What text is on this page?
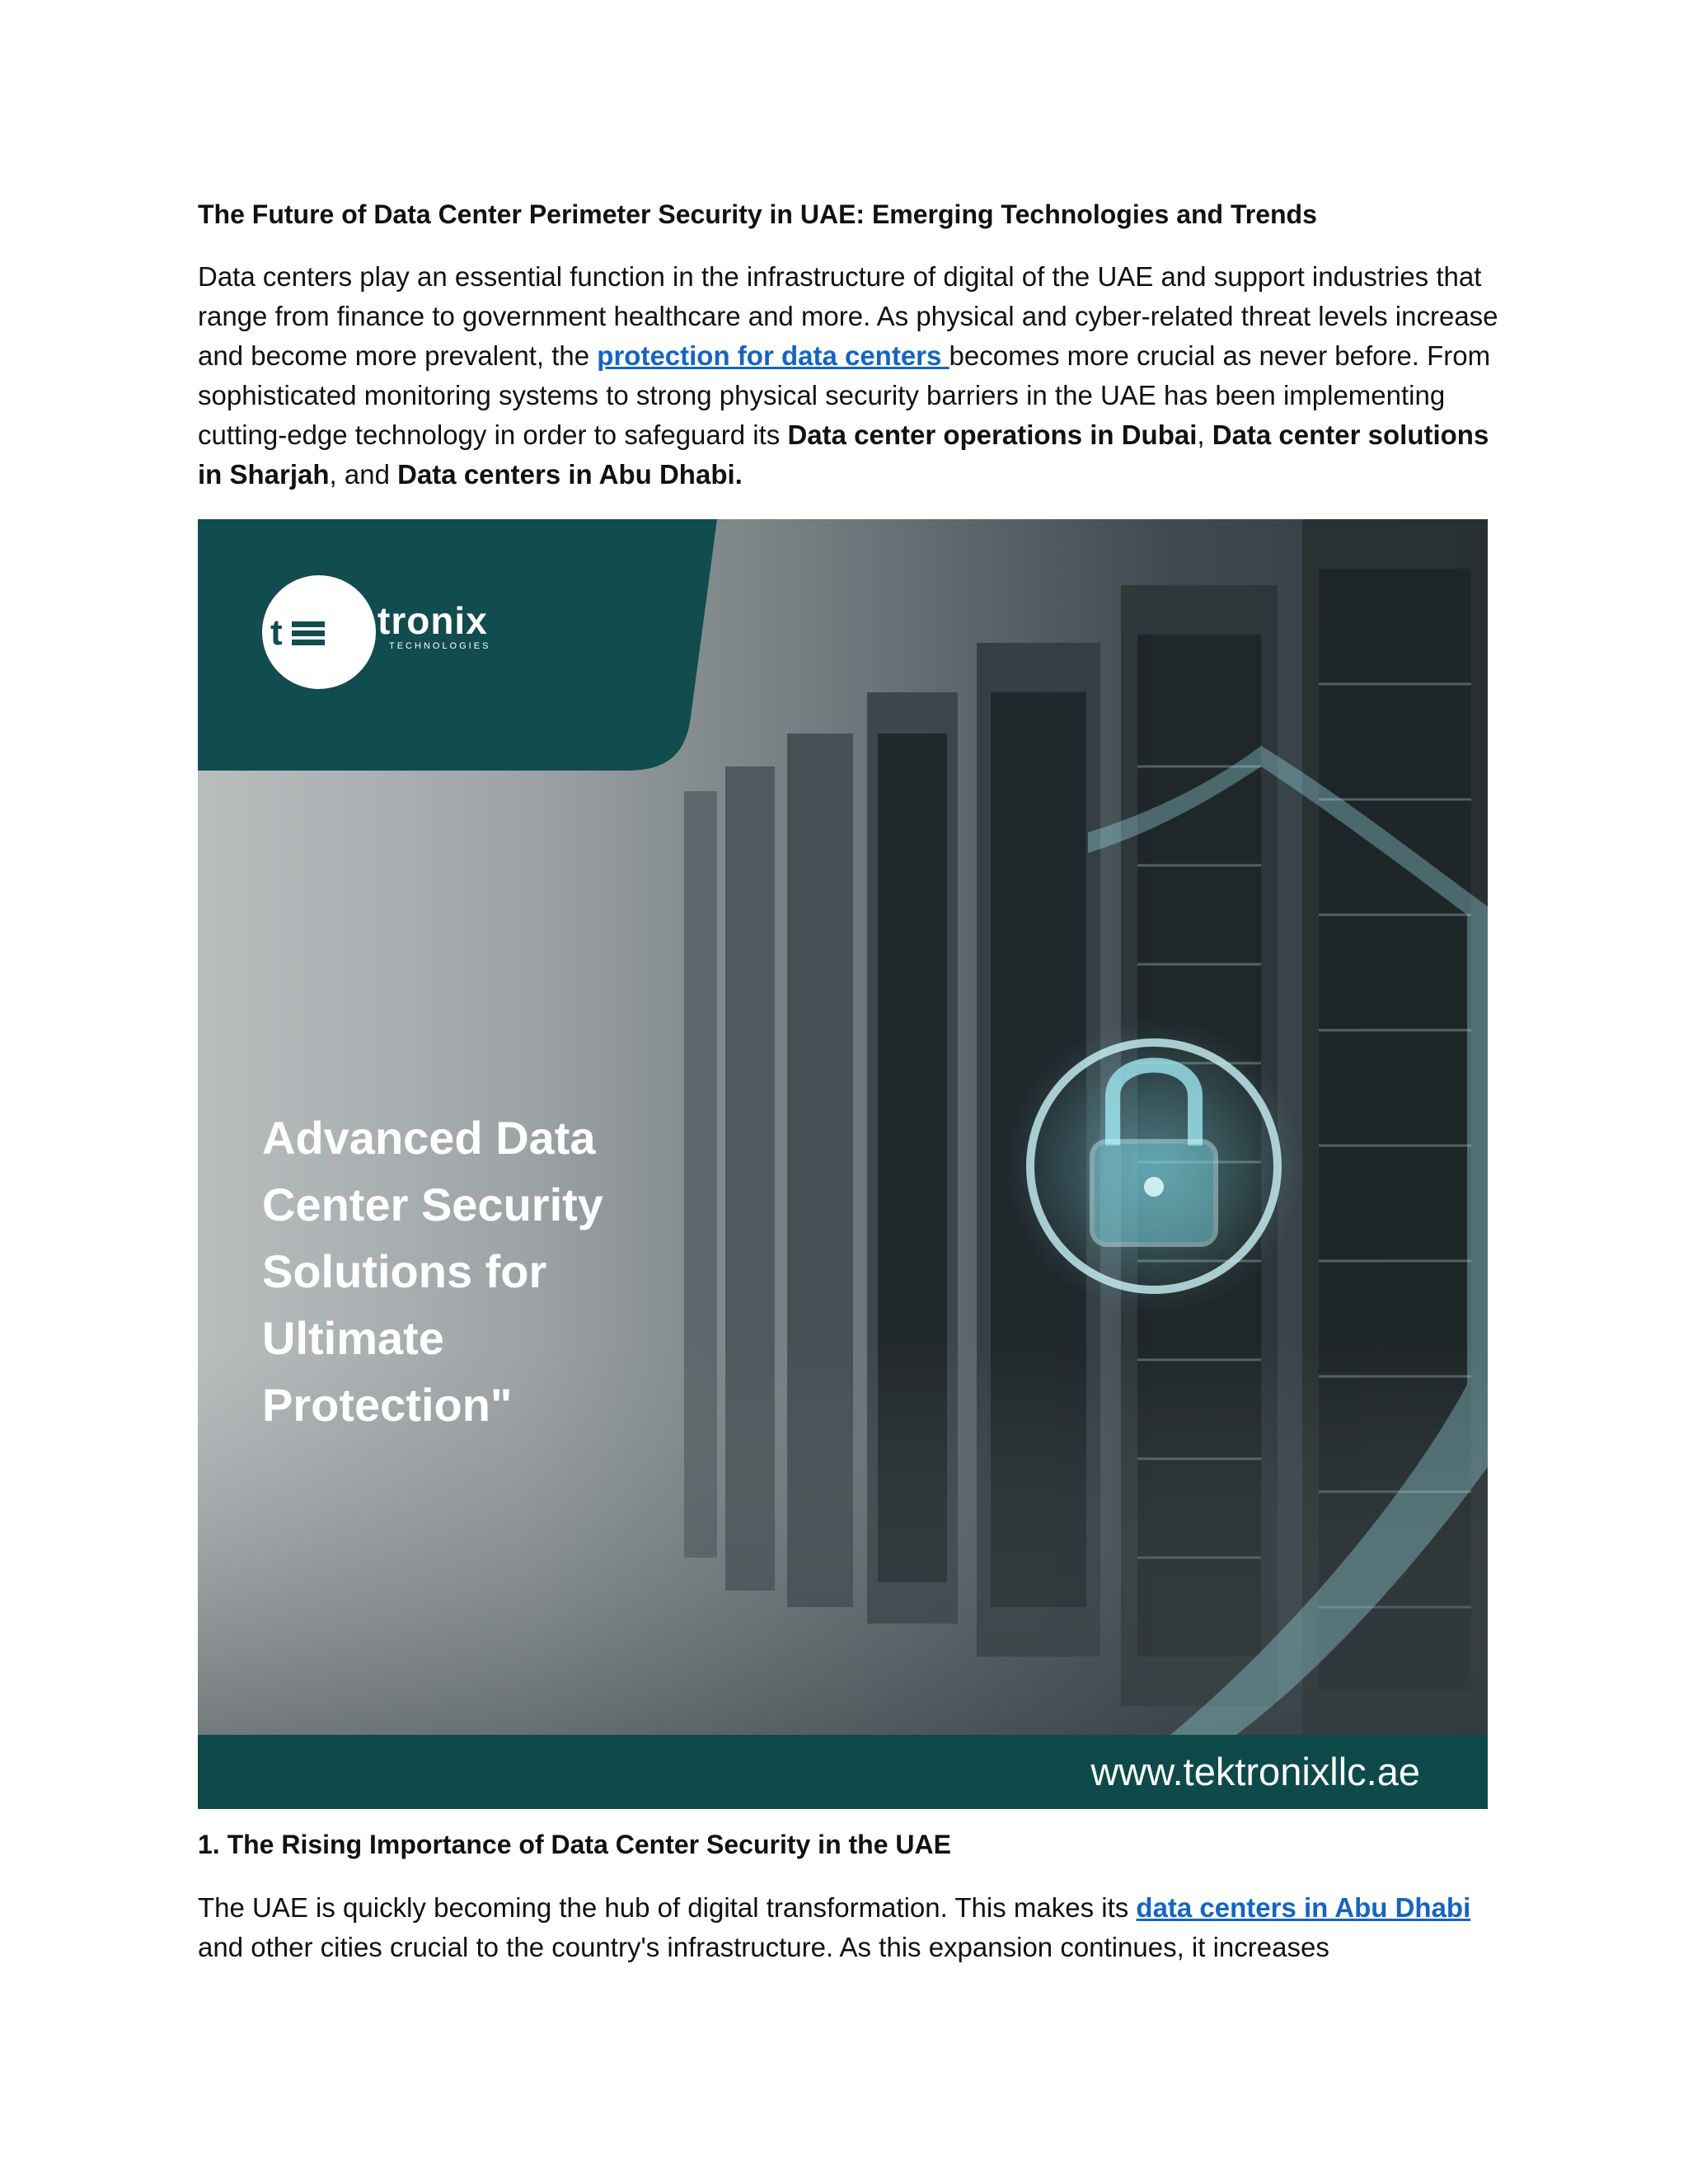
The Future of Data Center Perimeter Security in UAE: Emerging Technologies and Trends

Data centers play an essential function in the infrastructure of digital of the UAE and support industries that range from finance to government healthcare and more. As physical and cyber-related threat levels increase and become more prevalent, the protection for data centers becomes more crucial as never before. From sophisticated monitoring systems to strong physical security barriers in the UAE has been implementing cutting-edge technology in order to safeguard its Data center operations in Dubai, Data center solutions in Sharjah, and Data centers in Abu Dhabi.

t K tronix
TECHNOLOGIES
Advanced Data
Center Security
Solutions for
Ultimate
Protection"
www.tektronixllc.ae
1. The Rising Importance of Data Center Security in the UAE

The UAE is quickly becoming the hub of digital transformation. This makes its data centers in Abu Dhabi and other cities crucial to the country's infrastructure. As this expansion continues, it increases
